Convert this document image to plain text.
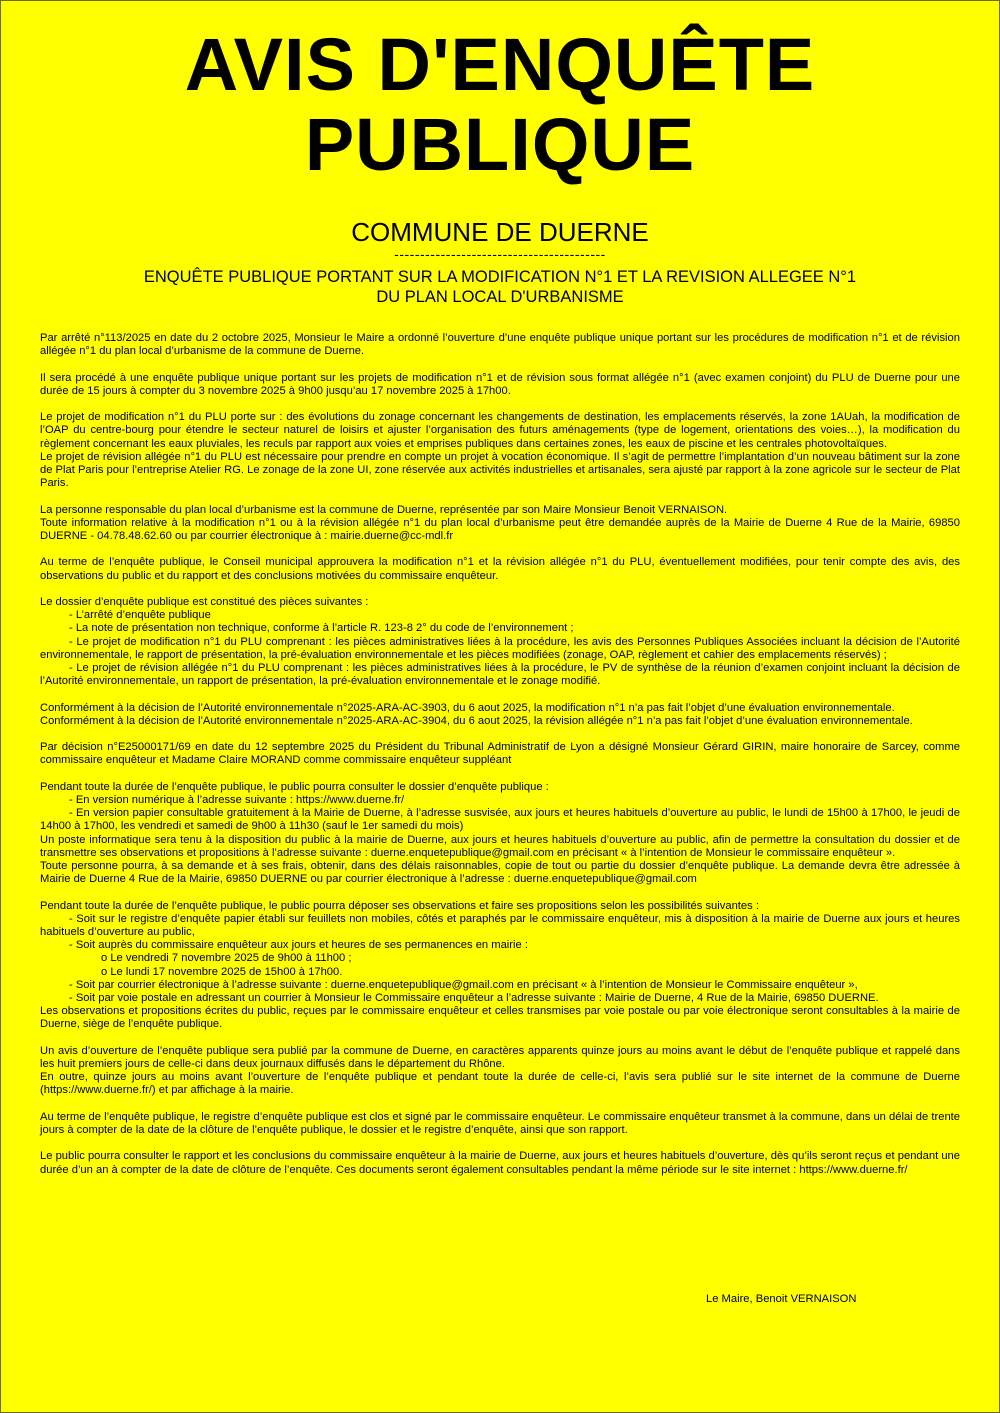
AVIS D'ENQUÊTE
PUBLIQUE
COMMUNE DE DUERNE
-----------------------------------------
ENQUÊTE PUBLIQUE PORTANT SUR LA MODIFICATION N°1 ET LA REVISION ALLEGEE N°1
DU PLAN LOCAL D'URBANISME

Par arrêté n°113/2025 en date du 2 octobre 2025, Monsieur le Maire a ordonné l’ouverture d’une enquête publique unique portant sur les procédures de modification n°1 et de révision allégée n°1 du plan local d’urbanisme de la commune de Duerne.

Il sera procédé à une enquête publique unique portant sur les projets de modification n°1 et de révision sous format allégée n°1 (avec examen conjoint) du PLU de Duerne pour une durée de 15 jours à compter du 3 novembre 2025 à 9h00 jusqu’au 17 novembre 2025 à 17h00.

Le projet de modification n°1 du PLU porte sur : des évolutions du zonage concernant les changements de destination, les emplacements réservés, la zone 1AUah, la modification de l’OAP du centre-bourg pour étendre le secteur naturel de loisirs et ajuster l’organisation des futurs aménagements (type de logement, orientations des voies…), la modification du règlement concernant les eaux pluviales, les reculs par rapport aux voies et emprises publiques dans certaines zones, les eaux de piscine et les centrales photovoltaïques.
Le projet de révision allégée n°1 du PLU est nécessaire pour prendre en compte un projet à vocation économique. Il s’agit de permettre l’implantation d’un nouveau bâtiment sur la zone de Plat Paris pour l’entreprise Atelier RG. Le zonage de la zone UI, zone réservée aux activités industrielles et artisanales, sera ajusté par rapport à la zone agricole sur le secteur de Plat Paris.

La personne responsable du plan local d’urbanisme est la commune de Duerne, représentée par son Maire Monsieur Benoit VERNAISON.
Toute information relative à la modification n°1 ou à la révision allégée n°1 du plan local d’urbanisme peut être demandée auprès de la Mairie de Duerne 4 Rue de la Mairie, 69850 DUERNE - 04.78.48.62.60 ou par courrier électronique à : mairie.duerne@cc-mdl.fr

Au terme de l’enquête publique, le Conseil municipal approuvera la modification n°1 et la révision allégée n°1 du PLU, éventuellement modifiées, pour tenir compte des avis, des observations du public et du rapport et des conclusions motivées du commissaire enquêteur.

Le dossier d’enquête publique est constitué des pièces suivantes :
- L’arrêté d’enquête publique
- La note de présentation non technique, conforme à l’article R. 123-8 2° du code de l’environnement ;
- Le projet de modification n°1 du PLU comprenant : les pièces administratives liées à la procédure, les avis des Personnes Publiques Associées incluant la décision de l’Autorité environnementale, le rapport de présentation, la pré-évaluation environnementale et les pièces modifiées (zonage, OAP, règlement et cahier des emplacements réservés) ;
- Le projet de révision allégée n°1 du PLU comprenant : les pièces administratives liées à la procédure, le PV de synthèse de la réunion d’examen conjoint incluant la décision de l’Autorité environnementale, un rapport de présentation, la pré-évaluation environnementale et le zonage modifié.

Conformément à la décision de l’Autorité environnementale n°2025-ARA-AC-3903, du 6 aout 2025, la modification n°1 n’a pas fait l’objet d’une évaluation environnementale.
Conformément à la décision de l’Autorité environnementale n°2025-ARA-AC-3904, du 6 aout 2025, la révision allégée n°1 n’a pas fait l’objet d’une évaluation environnementale.

Par décision n°E25000171/69 en date du 12 septembre 2025 du Président du Tribunal Administratif de Lyon a désigné Monsieur Gérard GIRIN, maire honoraire de Sarcey, comme commissaire enquêteur et Madame Claire MORAND comme commissaire enquêteur suppléant

Pendant toute la durée de l’enquête publique, le public pourra consulter le dossier d’enquête publique :
- En version numérique à l’adresse suivante : https://www.duerne.fr/
- En version papier consultable gratuitement à la Mairie de Duerne, à l’adresse susvisée, aux jours et heures habituels d’ouverture au public, le lundi de 15h00 à 17h00, le jeudi de 14h00 à 17h00, les vendredi et samedi de 9h00 à 11h30 (sauf le 1er samedi du mois)
Un poste informatique sera tenu à la disposition du public à la mairie de Duerne, aux jours et heures habituels d’ouverture au public, afin de permettre la consultation du dossier et de transmettre ses observations et propositions à l’adresse suivante : duerne.enquetepublique@gmail.com en précisant « à l’intention de Monsieur le commissaire enquêteur ».
Toute personne pourra, à sa demande et à ses frais, obtenir, dans des délais raisonnables, copie de tout ou partie du dossier d’enquête publique. La demande devra être adressée à Mairie de Duerne 4 Rue de la Mairie, 69850 DUERNE ou par courrier électronique à l’adresse : duerne.enquetepublique@gmail.com

Pendant toute la durée de l’enquête publique, le public pourra déposer ses observations et faire ses propositions selon les possibilités suivantes :
- Soit sur le registre d’enquête papier établi sur feuillets non mobiles, côtés et paraphés par le commissaire enquêteur, mis à disposition à la mairie de Duerne aux jours et heures habituels d’ouverture au public,
- Soit auprès du commissaire enquêteur aux jours et heures de ses permanences en mairie :
o Le vendredi 7 novembre 2025 de 9h00 à 11h00 ;
o Le lundi 17 novembre 2025 de 15h00 à 17h00.
- Soit par courrier électronique à l’adresse suivante : duerne.enquetepublique@gmail.com en précisant « à l’intention de Monsieur le Commissaire enquêteur »,
- Soit par voie postale en adressant un courrier à Monsieur le Commissaire enquêteur a l’adresse suivante : Mairie de Duerne, 4 Rue de la Mairie, 69850 DUERNE.
Les observations et propositions écrites du public, reçues par le commissaire enquêteur et celles transmises par voie postale ou par voie électronique seront consultables à la mairie de Duerne, siège de l’enquête publique.

Un avis d’ouverture de l’enquête publique sera publié par la commune de Duerne, en caractères apparents quinze jours au moins avant le début de l’enquête publique et rappelé dans les huit premiers jours de celle-ci dans deux journaux diffusés dans le département du Rhône.
En outre, quinze jours au moins avant l’ouverture de l’enquête publique et pendant toute la durée de celle-ci, l’avis sera publié sur le site internet de la commune de Duerne (https://www.duerne.fr/) et par affichage à la mairie.

Au terme de l’enquête publique, le registre d’enquête publique est clos et signé par le commissaire enquêteur. Le commissaire enquêteur transmet à la commune, dans un délai de trente jours à compter de la date de la clôture de l’enquête publique, le dossier et le registre d’enquête, ainsi que son rapport.

Le public pourra consulter le rapport et les conclusions du commissaire enquêteur à la mairie de Duerne, aux jours et heures habituels d’ouverture, dès qu’ils seront reçus et pendant une durée d’un an à compter de la date de clôture de l’enquête. Ces documents seront également consultables pendant la même période sur le site internet : https://www.duerne.fr/

Le Maire, Benoit VERNAISON
